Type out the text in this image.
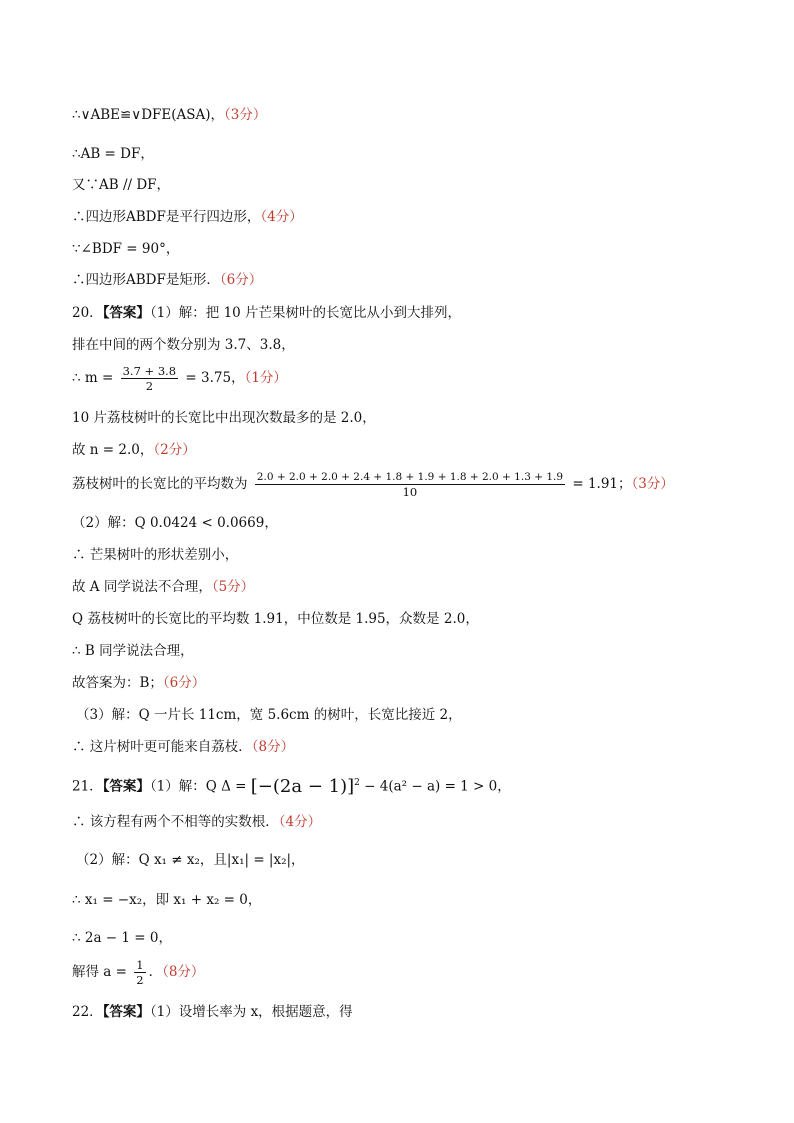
∴∨ABE≌∨DFE(ASA)，（3分）
∴AB = DF，
又∵AB // DF，
∴四边形ABDF是平行四边形，（4分）
∵∠BDF = 90°，
∴四边形ABDF是矩形．（6分）
20．【答案】（1）解：把 10 片芒果树叶的长宽比从小到大排列，
排在中间的两个数分别为 3.7、3.8，
∴ $m = \frac{3.7 + 3.8}{2} = 3.75$，（1分）
10 片荔枝树叶的长宽比中出现次数最多的是 2.0，
故 n = 2.0，（2分）
荔枝树叶的长宽比的平均数为 $\frac{2.0 + 2.0 + 2.0 + 2.4 + 1.8 + 1.9 + 1.8 + 2.0 + 1.3 + 1.9}{10} = 1.91$；（3分）
（2）解：Q 0.0424 < 0.0669，
∴ 芒果树叶的形状差别小，
故 A 同学说法不合理，（5分）
Q 荔枝树叶的长宽比的平均数 1.91，中位数是 1.95，众数是 2.0，
∴ B 同学说法合理，
故答案为：B；（6分）
（3）解：Q 一片长 11cm，宽 5.6cm 的树叶，长宽比接近 2，
∴ 这片树叶更可能来自荔枝．（8分）
21．【答案】（1）解：Q $\Delta = [-(2a - 1)]^2 - 4(a^2 - a) = 1 > 0$，
∴ 该方程有两个不相等的实数根．（4分）
（2）解：Q x₁ ≠ x₂，且|x₁| = |x₂|，
∴ x₁ = −x₂，即 x₁ + x₂ = 0，
∴ 2a − 1 = 0，
解得 $a = \frac{1}{2}$ ．（8分）
22．【答案】（1）设增长率为 x，根据题意，得
